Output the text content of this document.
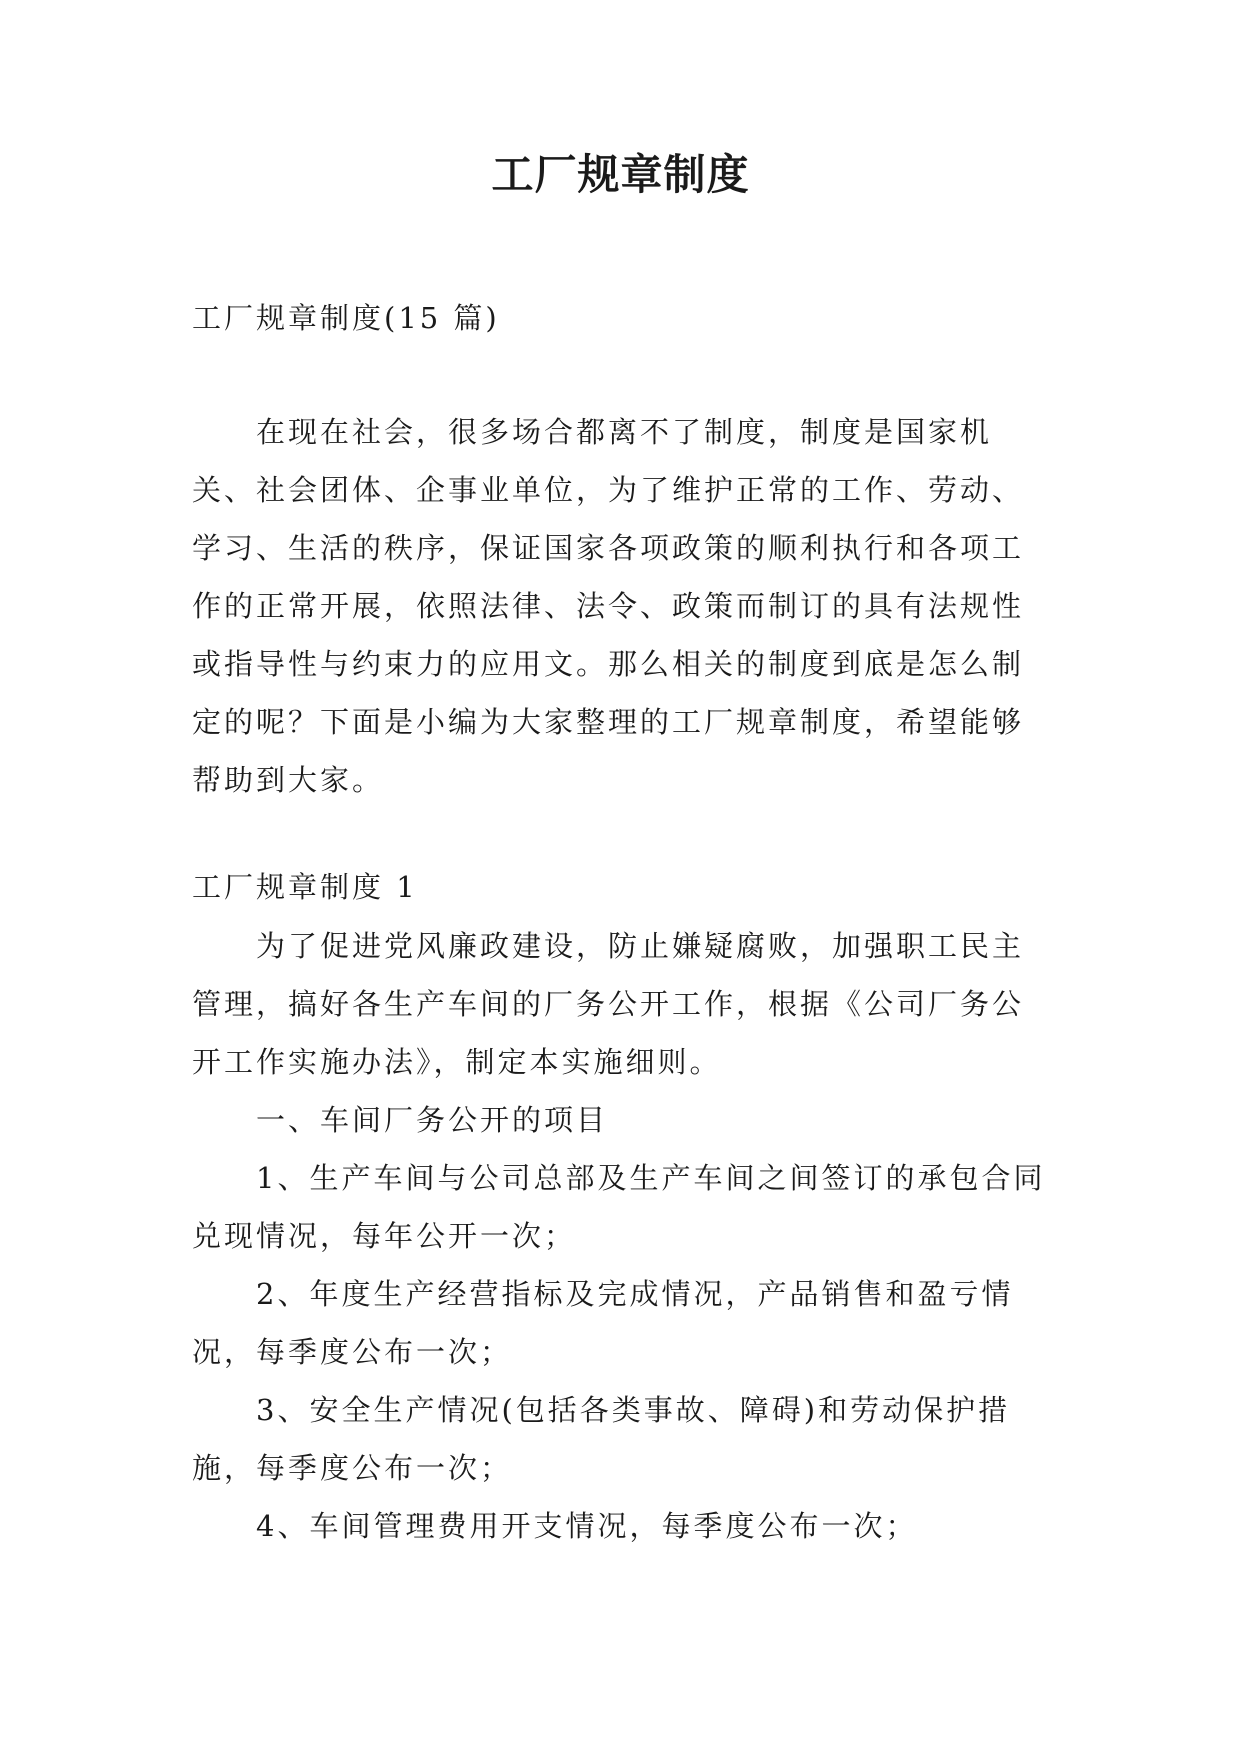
工厂规章制度

工厂规章制度(15 篇)

在现在社会，很多场合都离不了制度，制度是国家机关、社会团体、企事业单位，为了维护正常的工作、劳动、学习、生活的秩序，保证国家各项政策的顺利执行和各项工作的正常开展，依照法律、法令、政策而制订的具有法规性或指导性与约束力的应用文。那么相关的制度到底是怎么制定的呢？下面是小编为大家整理的工厂规章制度，希望能够帮助到大家。

工厂规章制度 1

为了促进党风廉政建设，防止嫌疑腐败，加强职工民主管理，搞好各生产车间的厂务公开工作，根据《公司厂务公开工作实施办法》，制定本实施细则。

一、车间厂务公开的项目

1、生产车间与公司总部及生产车间之间签订的承包合同兑现情况，每年公开一次；

2、年度生产经营指标及完成情况，产品销售和盈亏情况，每季度公布一次；

3、安全生产情况(包括各类事故、障碍)和劳动保护措施，每季度公布一次；

4、车间管理费用开支情况，每季度公布一次；
